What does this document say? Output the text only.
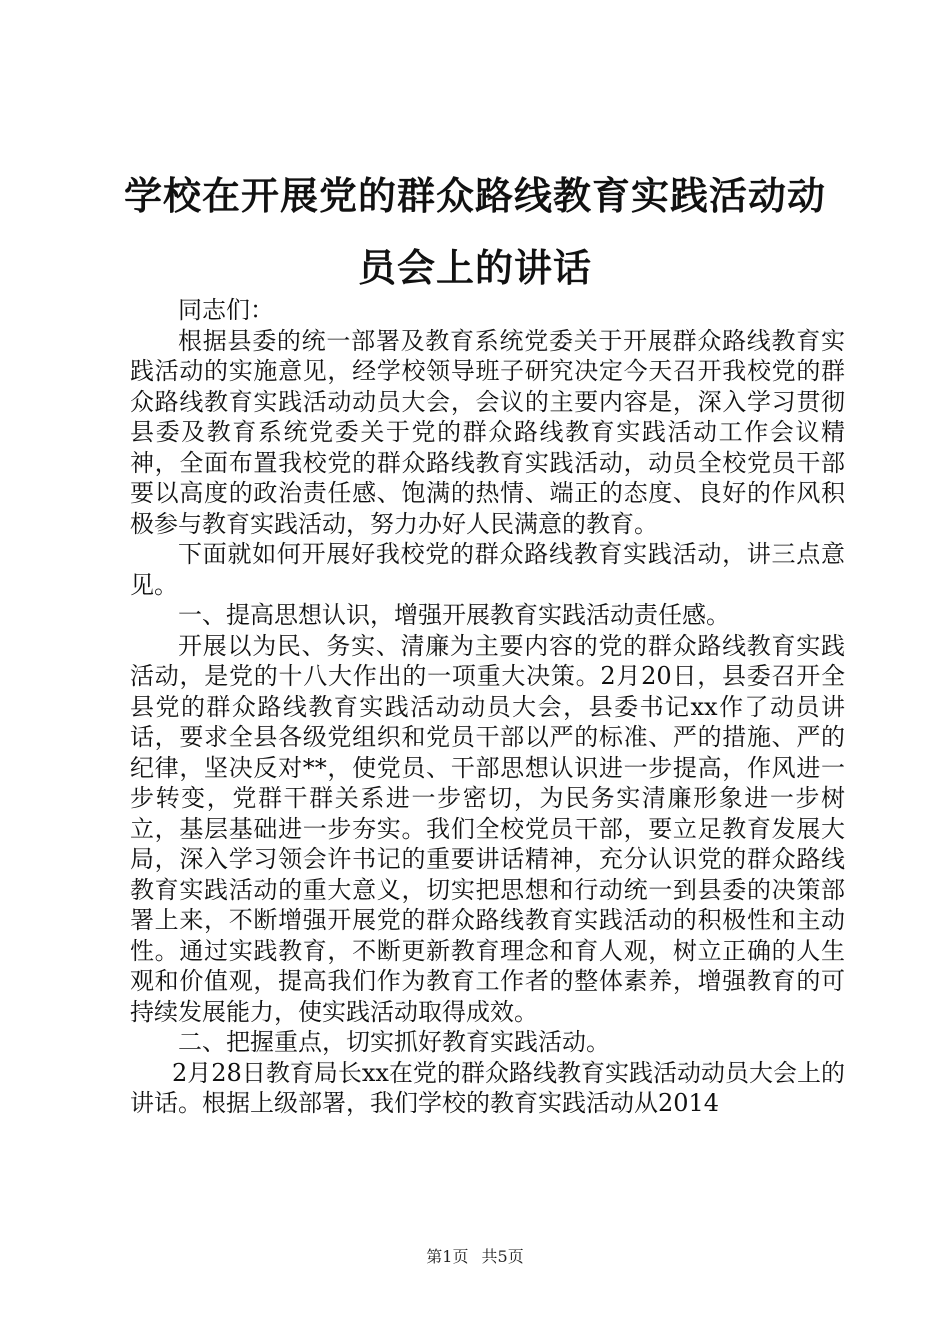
学校在开展党的群众路线教育实践活动动员会上的讲话

同志们：

根据县委的统一部署及教育系统党委关于开展群众路线教育实践活动的实施意见，经学校领导班子研究决定今天召开我校党的群众路线教育实践活动动员大会，会议的主要内容是，深入学习贯彻县委及教育系统党委关于党的群众路线教育实践活动工作会议精神，全面布置我校党的群众路线教育实践活动，动员全校党员干部要以高度的政治责任感、饱满的热情、端正的态度、良好的作风积极参与教育实践活动，努力办好人民满意的教育。

下面就如何开展好我校党的群众路线教育实践活动，讲三点意见。

一、提高思想认识，增强开展教育实践活动责任感。

开展以为民、务实、清廉为主要内容的党的群众路线教育实践活动，是党的十八大作出的一项重大决策。2月20日，县委召开全县党的群众路线教育实践活动动员大会，县委书记xx作了动员讲话，要求全县各级党组织和党员干部以严的标准、严的措施、严的纪律，坚决反对**，使党员、干部思想认识进一步提高，作风进一步转变，党群干群关系进一步密切，为民务实清廉形象进一步树立，基层基础进一步夯实。我们全校党员干部，要立足教育发展大局，深入学习领会许书记的重要讲话精神，充分认识党的群众路线教育实践活动的重大意义，切实把思想和行动统一到县委的决策部署上来，不断增强开展党的群众路线教育实践活动的积极性和主动性。通过实践教育，不断更新教育理念和育人观，树立正确的人生观和价值观，提高我们作为教育工作者的整体素养，增强教育的可持续发展能力，使实践活动取得成效。

二、把握重点，切实抓好教育实践活动。

2月28日教育局长xx在党的群众路线教育实践活动动员大会上的讲话。根据上级部署，我们学校的教育实践活动从2014

第1页 共5页
